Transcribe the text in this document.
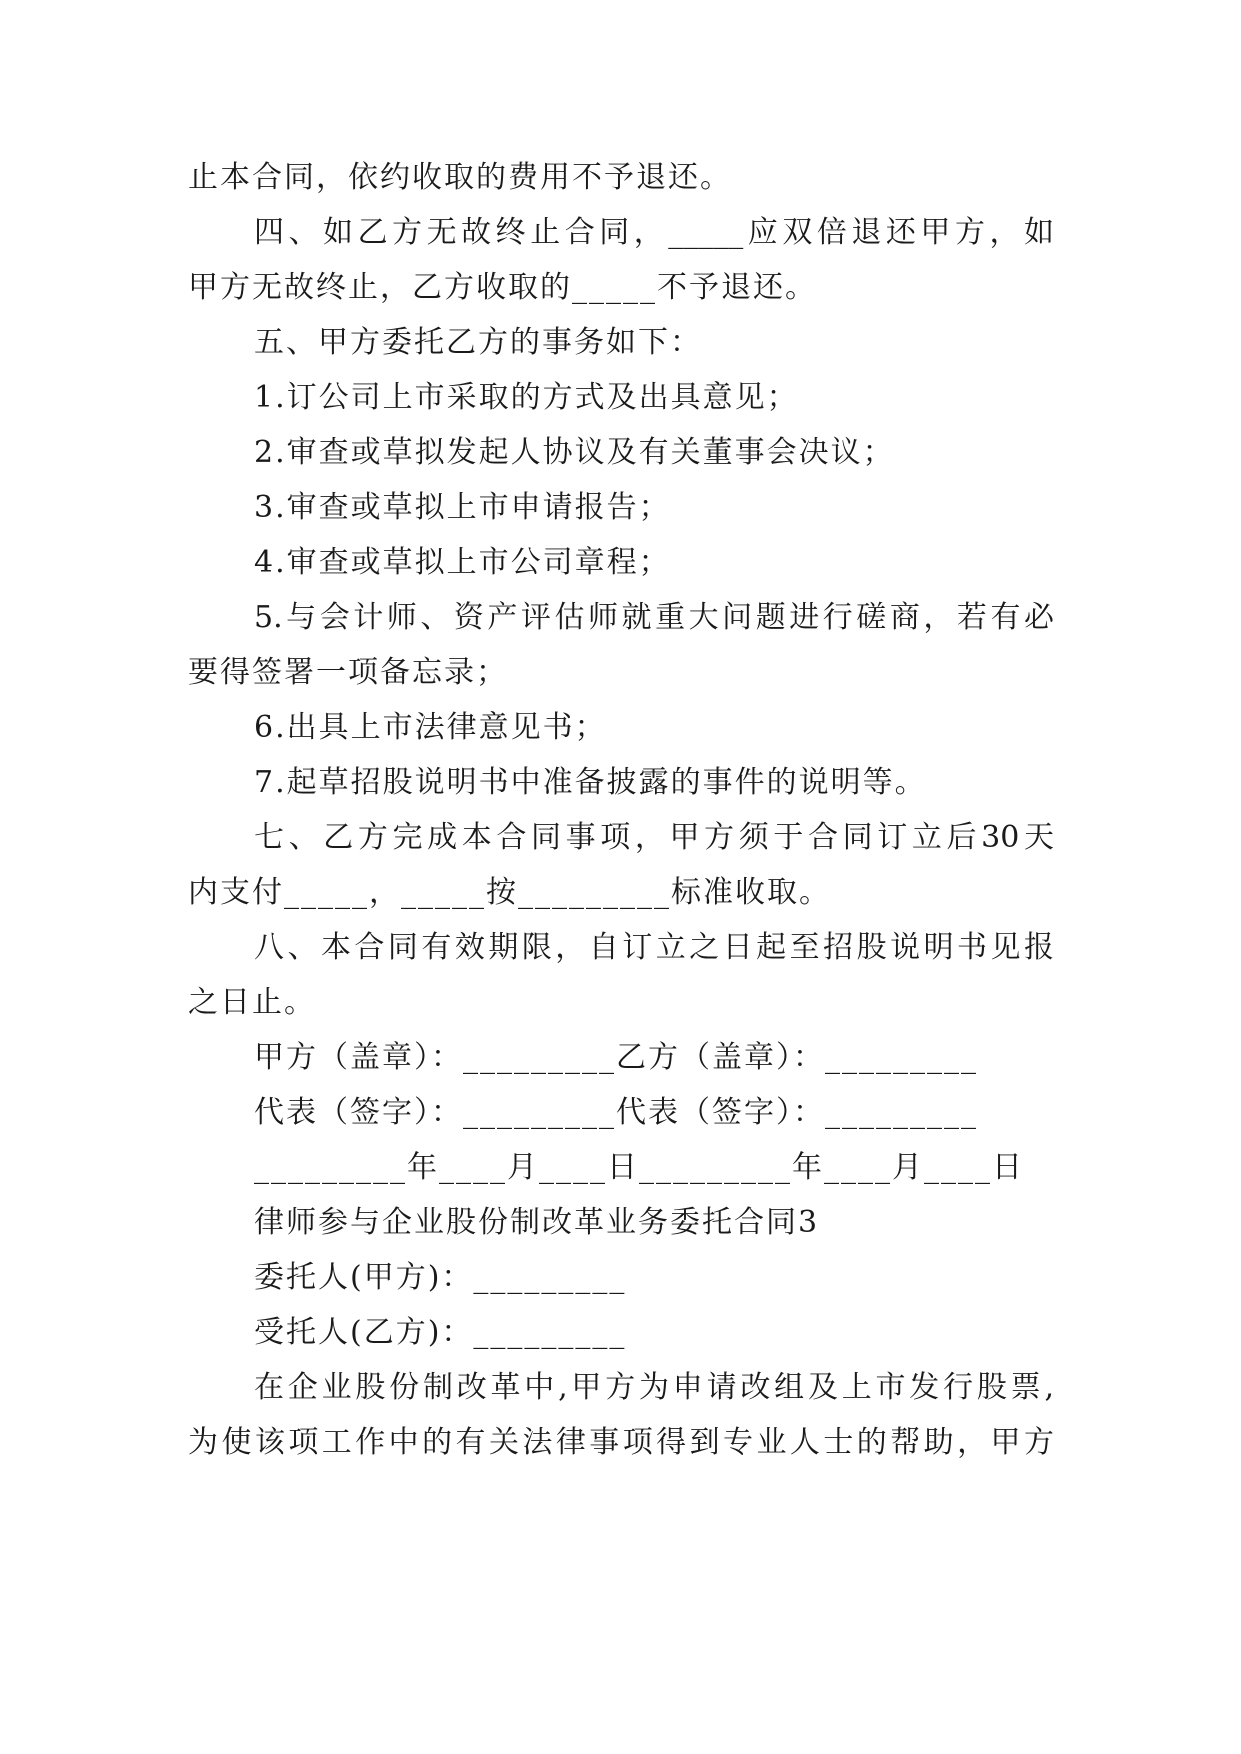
止本合同，依约收取的费用不予退还。
四、如乙方无故终止合同，_____应双倍退还甲方，如
甲方无故终止，乙方收取的_____不予退还。
五、甲方委托乙方的事务如下：
1.订公司上市采取的方式及出具意见；
2.审查或草拟发起人协议及有关董事会决议；
3.审查或草拟上市申请报告；
4.审查或草拟上市公司章程；
5.与会计师、资产评估师就重大问题进行磋商，若有必
要得签署一项备忘录；
6.出具上市法律意见书；
7.起草招股说明书中准备披露的事件的说明等。
七、乙方完成本合同事项，甲方须于合同订立后30天
内支付_____，_____按_________标准收取。
八、本合同有效期限，自订立之日起至招股说明书见报
之日止。
甲方（盖章）：_________乙方（盖章）：_________
代表（签字）：_________代表（签字）：_________
_________年____月____日_________年____月____日
律师参与企业股份制改革业务委托合同3
委托人(甲方)：_________
受托人(乙方)：_________
在企业股份制改革中,甲方为申请改组及上市发行股票,
为使该项工作中的有关法律事项得到专业人士的帮助，甲方
